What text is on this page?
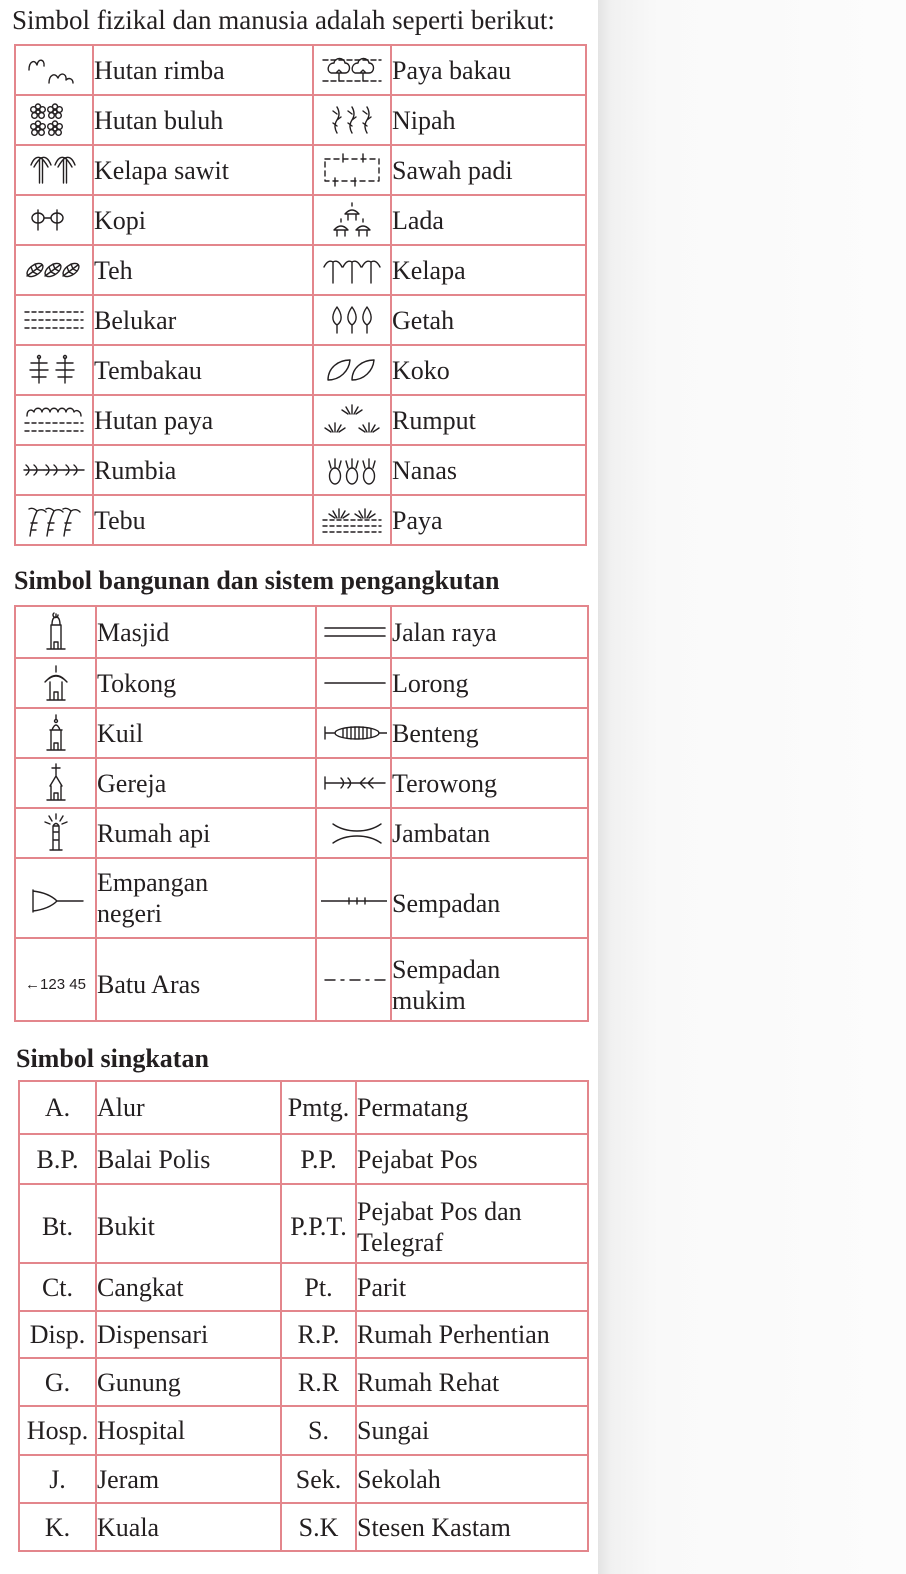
Simbol fizikal dan manusia adalah seperti berikut:
	Hutan rimba		Paya bakau

	Hutan buluh		Nipah

	Kelapa sawit		Sawah padi

	Kopi		Lada

	Teh		Kelapa

	Belukar		Getah

	Tembakau		Koko

	Hutan paya		Rumput

	Rumbia		Nanas

	Tebu		Paya
Simbol bangunan dan sistem pengangkutan
	Masjid		Jalan raya

	Tokong		Lorong

	Kuil		Benteng

	Gereja		Terowong

	Rumah api		Jambatan

	Empangan
negeri		Sempadan
←123 45	Batu Aras		Sempadan
mukim
Simbol singkatan
A.	Alur	Pmtg.	Permatang
B.P.	Balai Polis	P.P.	Pejabat Pos
Bt.	Bukit	P.P.T.	Pejabat Pos dan
Telegraf
Ct.	Cangkat	Pt.	Parit
Disp.	Dispensari	R.P.	Rumah Perhentian
G.	Gunung	R.R	Rumah Rehat
Hosp.	Hospital	S.	Sungai
J.	Jeram	Sek.	Sekolah
K.	Kuala	S.K	Stesen Kastam
